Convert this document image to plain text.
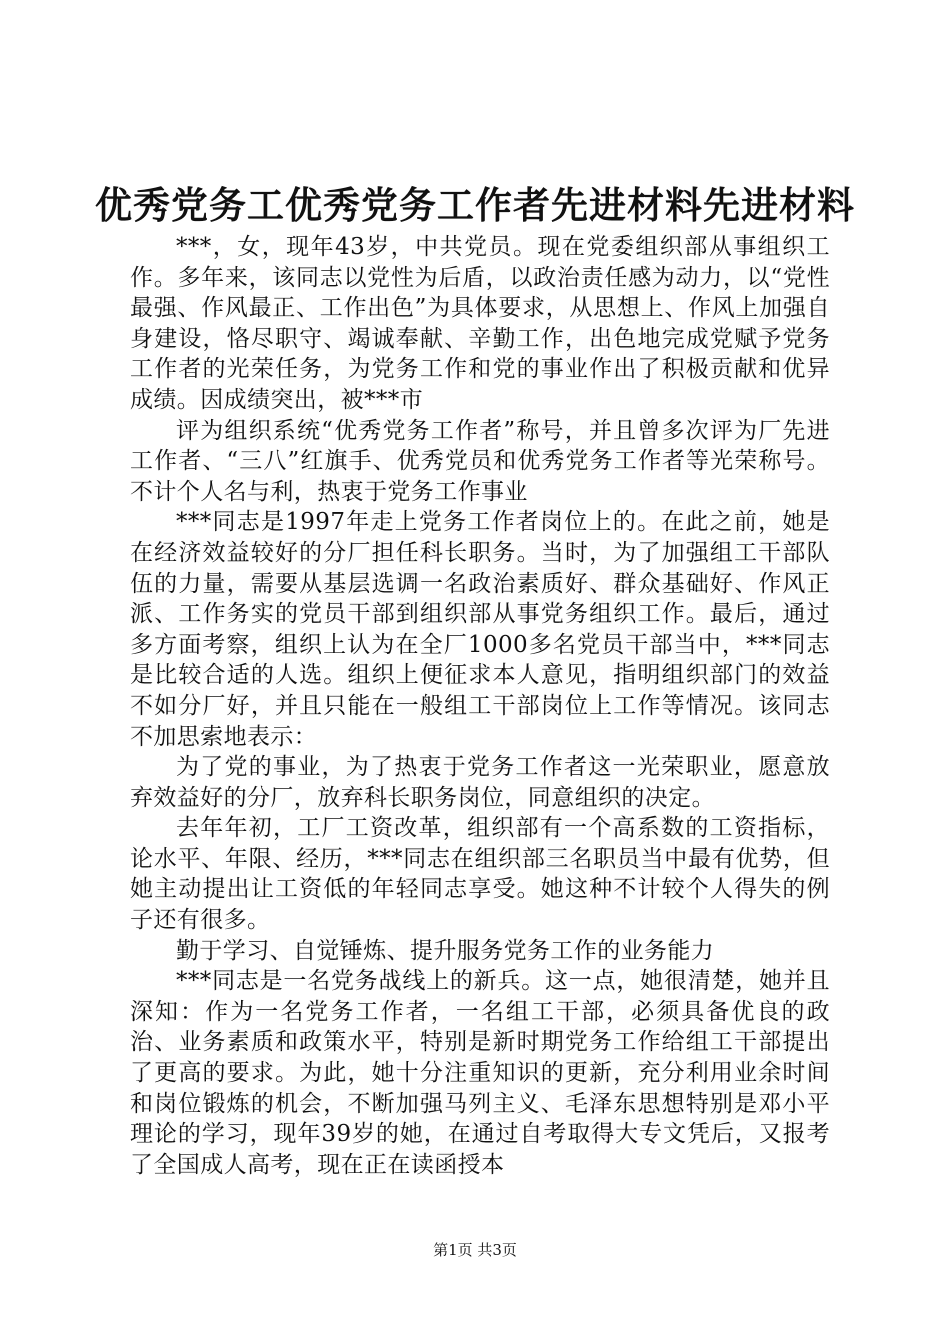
优秀党务工优秀党务工作者先进材料先进材料

***，女，现年43岁，中共党员。现在党委组织部从事组织工作。多年来，该同志以党性为后盾，以政治责任感为动力，以“党性最强、作风最正、工作出色”为具体要求，从思想上、作风上加强自身建设，恪尽职守、竭诚奉献、辛勤工作，出色地完成党赋予党务工作者的光荣任务，为党务工作和党的事业作出了积极贡献和优异成绩。因成绩突出，被***市

评为组织系统“优秀党务工作者”称号，并且曾多次评为厂先进工作者、“三八”红旗手、优秀党员和优秀党务工作者等光荣称号。不计个人名与利，热衷于党务工作事业

***同志是1997年走上党务工作者岗位上的。在此之前，她是在经济效益较好的分厂担任科长职务。当时，为了加强组工干部队伍的力量，需要从基层选调一名政治素质好、群众基础好、作风正派、工作务实的党员干部到组织部从事党务组织工作。最后，通过多方面考察，组织上认为在全厂1000多名党员干部当中，***同志是比较合适的人选。组织上便征求本人意见，指明组织部门的效益不如分厂好，并且只能在一般组工干部岗位上工作等情况。该同志不加思索地表示：

为了党的事业，为了热衷于党务工作者这一光荣职业，愿意放弃效益好的分厂，放弃科长职务岗位，同意组织的决定。

去年年初，工厂工资改革，组织部有一个高系数的工资指标，论水平、年限、经历，***同志在组织部三名职员当中最有优势，但她主动提出让工资低的年轻同志享受。她这种不计较个人得失的例子还有很多。

勤于学习、自觉锤炼、提升服务党务工作的业务能力

***同志是一名党务战线上的新兵。这一点，她很清楚，她并且深知：作为一名党务工作者，一名组工干部，必须具备优良的政治、业务素质和政策水平，特别是新时期党务工作给组工干部提出了更高的要求。为此，她十分注重知识的更新，充分利用业余时间和岗位锻炼的机会，不断加强马列主义、毛泽东思想特别是邓小平理论的学习，现年39岁的她，在通过自考取得大专文凭后，又报考了全国成人高考，现在正在读函授本

第1页 共3页
